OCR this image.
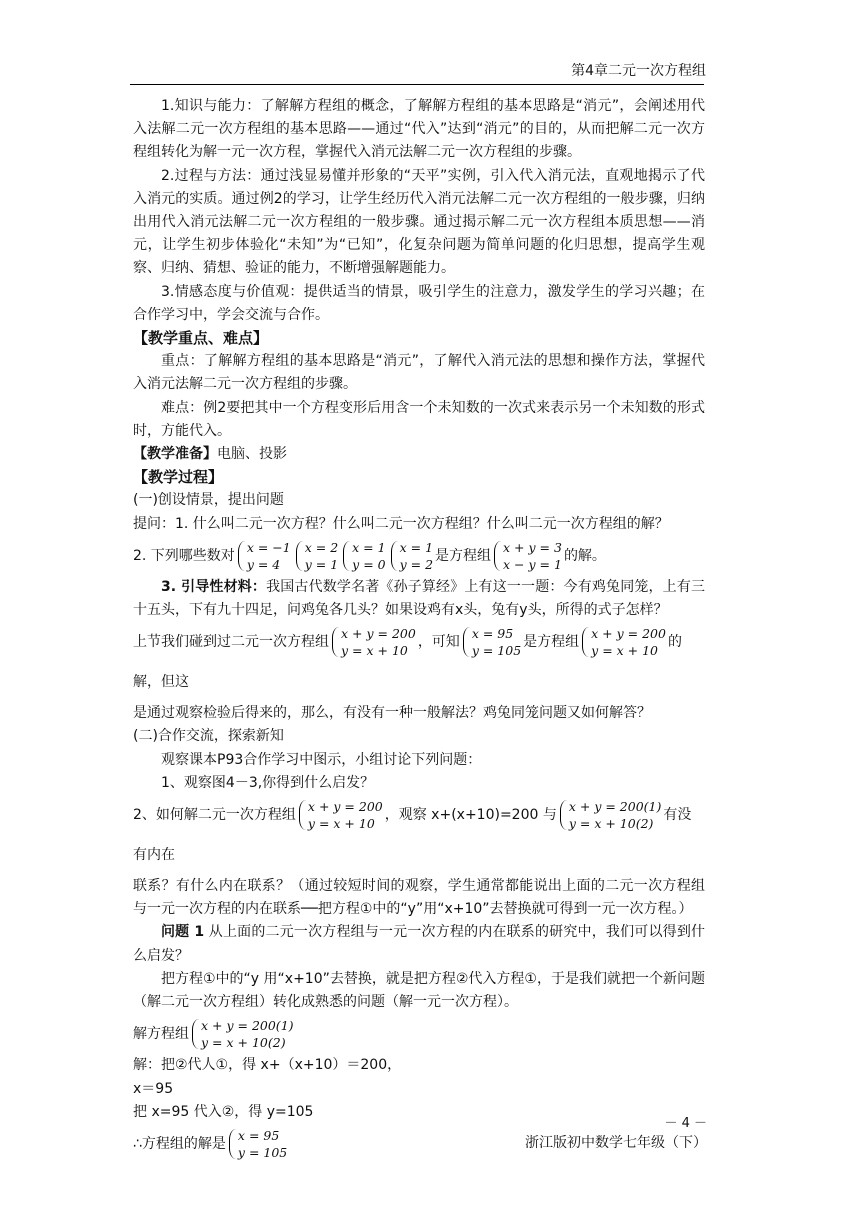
第4章二元一次方程组

1.知识与能力：了解解方程组的概念，了解解方程组的基本思路是“消元”，会阐述用代入法解二元一次方程组的基本思路——通过“代入”达到“消元”的目的，从而把解二元一次方程组转化为解一元一次方程，掌握代入消元法解二元一次方程组的步骤。

2.过程与方法：通过浅显易懂并形象的“天平”实例，引入代入消元法，直观地揭示了代入消元的实质。通过例2的学习，让学生经历代入消元法解二元一次方程组的一般步骤，归纳出用代入消元法解二元一次方程组的一般步骤。通过揭示解二元一次方程组本质思想——消元，让学生初步体验化“未知”为“已知”，化复杂问题为简单问题的化归思想，提高学生观察、归纳、猜想、验证的能力，不断增强解题能力。

3.情感态度与价值观：提供适当的情景，吸引学生的注意力，激发学生的学习兴趣；在合作学习中，学会交流与合作。

【教学重点、难点】

重点：了解解方程组的基本思路是“消元”，了解代入消元法的思想和操作方法，掌握代入消元法解二元一次方程组的步骤。

难点：例2要把其中一个方程变形后用含一个未知数的一次式来表示另一个未知数的形式时，方能代入。

【教学准备】电脑、投影

【教学过程】

(一)创设情景，提出问题

提问：1. 什么叫二元一次方程？什么叫二元一次方程组？什么叫二元一次方程组的解？

2. 下列哪些数对
x = −1
y = 4
x = 2
y = 1
x = 1
y = 0
x = 1
y = 2
是方程组
x + y = 3
x − y = 1
的解。

3. 引导性材料：我国古代数学名著《孙子算经》上有这一一题：今有鸡兔同笼，上有三十五头，下有九十四足，问鸡兔各几头？如果设鸡有x头，兔有y头，所得的式子怎样？

上节我们碰到过二元一次方程组
x + y = 200
y = x + 10
，可知
x = 95
y = 105
是方程组
x + y = 200
y = x + 10
的解，但这

是通过观察检验后得来的，那么，有没有一种一般解法？鸡兔同笼问题又如何解答？

(二)合作交流，探索新知

观察课本P93合作学习中图示，小组讨论下列问题：

1、观察图4－3,你得到什么启发？

2、如何解二元一次方程组
x + y = 200
y = x + 10
，观察 x+(x+10)=200 与
x + y = 200(1)
y = x + 10(2)
有没有内在

联系？有什么内在联系？（通过较短时间的观察，学生通常都能说出上面的二元一次方程组与一元一次方程的内在联系──把方程①中的“y”用“x+10”去替换就可得到一元一次方程。）

问题 1 从上面的二元一次方程组与一元一次方程的内在联系的研究中，我们可以得到什么启发？

把方程①中的“y 用“x+10”去替换，就是把方程②代入方程①，于是我们就把一个新问题（解二元一次方程组）转化成熟悉的问题（解一元一次方程）。

解方程组
x + y = 200(1)
y = x + 10(2)

解：把②代人①，得 x+（x+10）＝200，

x＝95

把 x=95 代入②，得 y=105

∴方程组的解是
x = 95
y = 105

－ 4 －
浙江版初中数学七年级（下）
